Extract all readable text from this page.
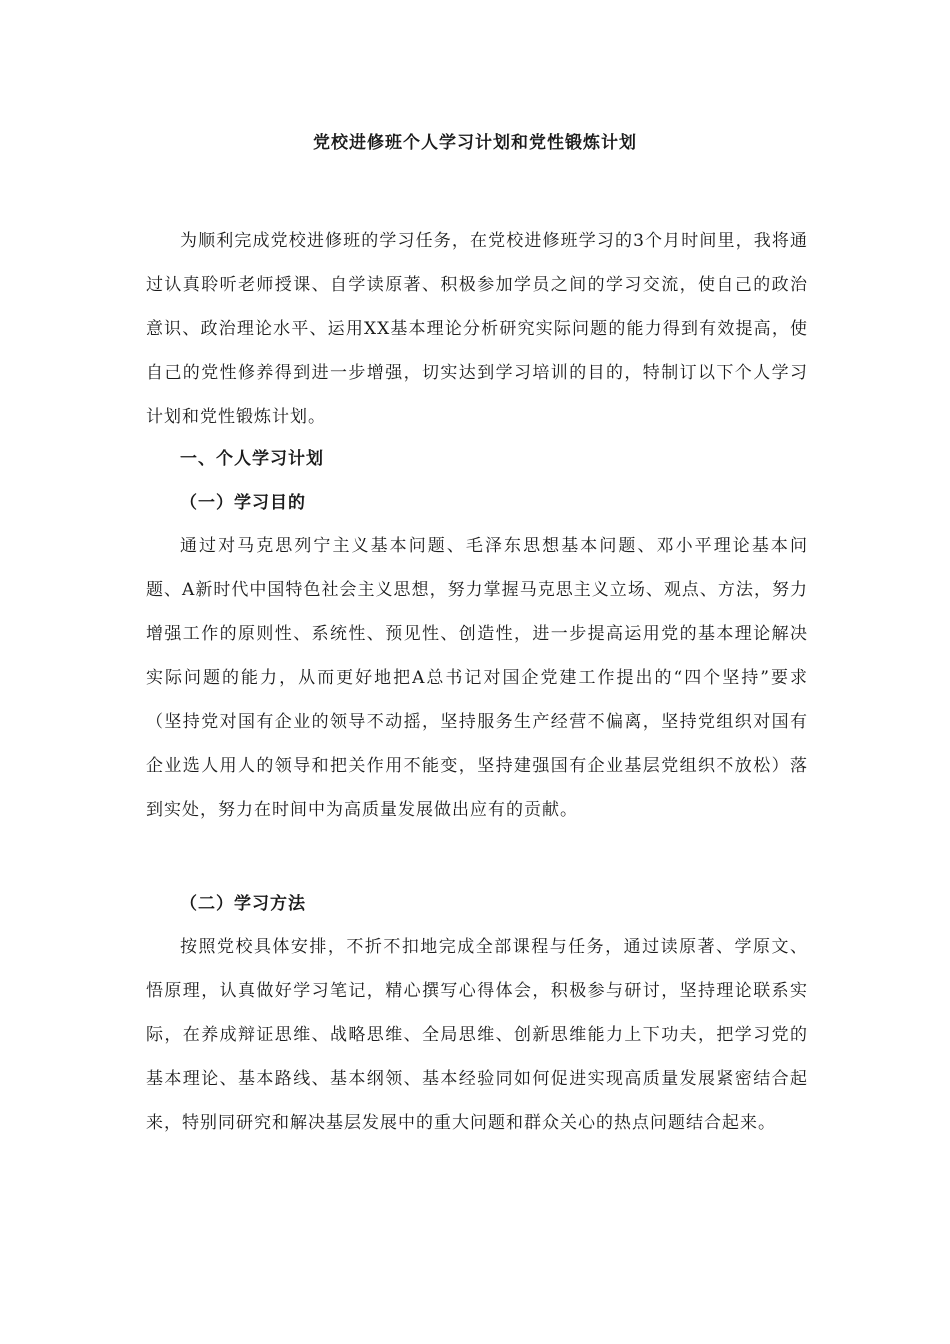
党校进修班个人学习计划和党性锻炼计划

为顺利完成党校进修班的学习任务，在党校进修班学习的3个月时间里，我将通过认真聆听老师授课、自学读原著、积极参加学员之间的学习交流，使自己的政治意识、政治理论水平、运用XX基本理论分析研究实际问题的能力得到有效提高，使自己的党性修养得到进一步增强，切实达到学习培训的目的，特制订以下个人学习计划和党性锻炼计划。

一、个人学习计划
（一）学习目的

通过对马克思列宁主义基本问题、毛泽东思想基本问题、邓小平理论基本问题、A新时代中国特色社会主义思想，努力掌握马克思主义立场、观点、方法，努力增强工作的原则性、系统性、预见性、创造性，进一步提高运用党的基本理论解决实际问题的能力，从而更好地把A总书记对国企党建工作提出的“四个坚持”要求（坚持党对国有企业的领导不动摇，坚持服务生产经营不偏离，坚持党组织对国有企业选人用人的领导和把关作用不能变，坚持建强国有企业基层党组织不放松）落到实处，努力在时间中为高质量发展做出应有的贡献。

（二）学习方法

按照党校具体安排，不折不扣地完成全部课程与任务，通过读原著、学原文、悟原理，认真做好学习笔记，精心撰写心得体会，积极参与研讨，坚持理论联系实际，在养成辩证思维、战略思维、全局思维、创新思维能力上下功夫，把学习党的基本理论、基本路线、基本纲领、基本经验同如何促进实现高质量发展紧密结合起来，特别同研究和解决基层发展中的重大问题和群众关心的热点问题结合起来。
